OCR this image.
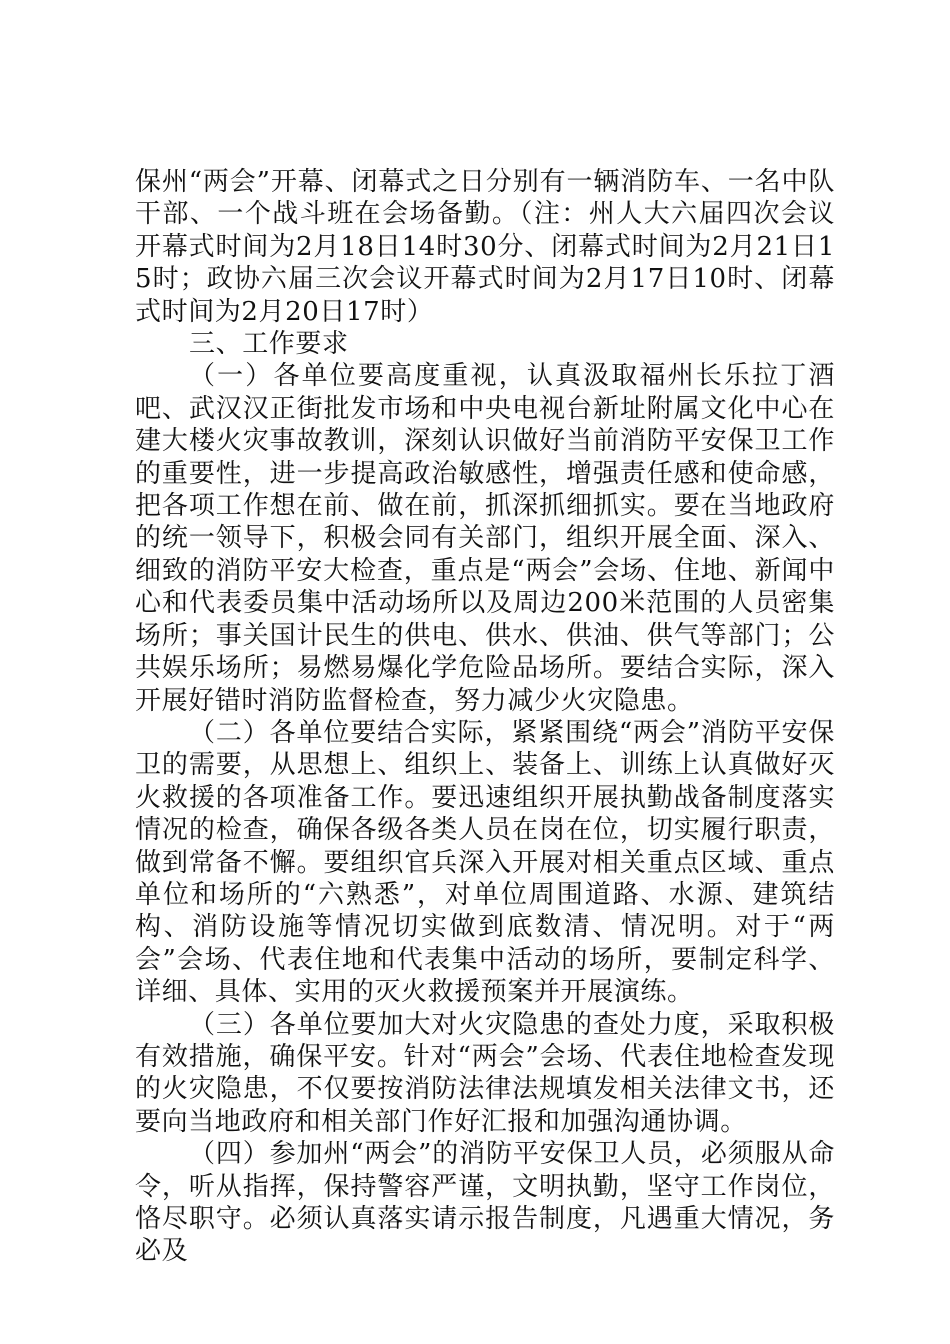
保州“两会”开幕、闭幕式之日分别有一辆消防车、一名中队干部、一个战斗班在会场备勤。（注：州人大六届四次会议开幕式时间为2月18日14时30分、闭幕式时间为2月21日15时；政协六届三次会议开幕式时间为2月17日10时、闭幕式时间为2月20日17时）

三、工作要求

（一）各单位要高度重视，认真汲取福州长乐拉丁酒吧、武汉汉正街批发市场和中央电视台新址附属文化中心在建大楼火灾事故教训，深刻认识做好当前消防平安保卫工作的重要性，进一步提高政治敏感性，增强责任感和使命感，把各项工作想在前、做在前，抓深抓细抓实。要在当地政府的统一领导下，积极会同有关部门，组织开展全面、深入、细致的消防平安大检查，重点是“两会”会场、住地、新闻中心和代表委员集中活动场所以及周边200米范围的人员密集场所；事关国计民生的供电、供水、供油、供气等部门；公共娱乐场所；易燃易爆化学危险品场所。要结合实际，深入开展好错时消防监督检查，努力减少火灾隐患。

（二）各单位要结合实际，紧紧围绕“两会”消防平安保卫的需要，从思想上、组织上、装备上、训练上认真做好灭火救援的各项准备工作。要迅速组织开展执勤战备制度落实情况的检查，确保各级各类人员在岗在位，切实履行职责，做到常备不懈。要组织官兵深入开展对相关重点区域、重点单位和场所的“六熟悉”，对单位周围道路、水源、建筑结构、消防设施等情况切实做到底数清、情况明。对于“两会”会场、代表住地和代表集中活动的场所，要制定科学、详细、具体、实用的灭火救援预案并开展演练。

（三）各单位要加大对火灾隐患的查处力度，采取积极有效措施，确保平安。针对“两会”会场、代表住地检查发现的火灾隐患，不仅要按消防法律法规填发相关法律文书，还要向当地政府和相关部门作好汇报和加强沟通协调。

（四）参加州“两会”的消防平安保卫人员，必须服从命令，听从指挥，保持警容严谨，文明执勤，坚守工作岗位，恪尽职守。必须认真落实请示报告制度，凡遇重大情况，务必及
